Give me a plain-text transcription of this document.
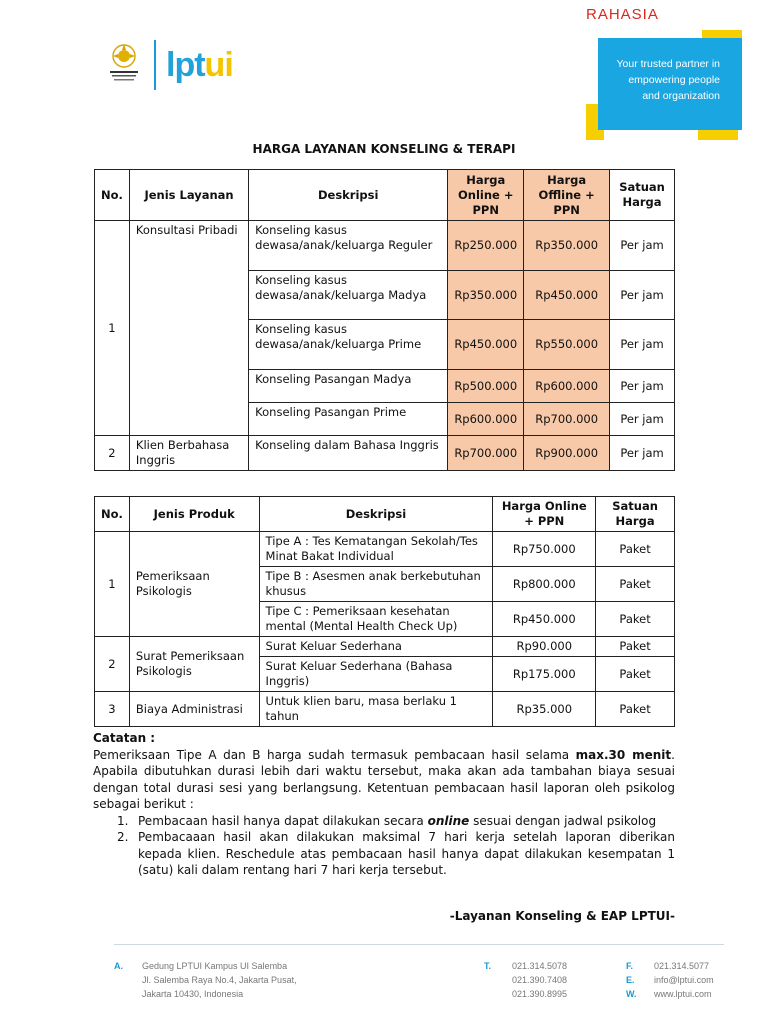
RAHASIA
lptui	Your trusted partner in empowering people and organization
HARGA LAYANAN KONSELING & TERAPI
No.	Jenis Layanan	Deskripsi	Harga Online + PPN	Harga Offline + PPN	Satuan Harga
1	Konsultasi Pribadi	Konseling kasus dewasa/anak/keluarga Reguler	Rp250.000	Rp350.000	Per jam
		Konseling kasus dewasa/anak/keluarga Madya	Rp350.000	Rp450.000	Per jam
		Konseling kasus dewasa/anak/keluarga Prime	Rp450.000	Rp550.000	Per jam
		Konseling Pasangan Madya	Rp500.000	Rp600.000	Per jam
		Konseling Pasangan Prime	Rp600.000	Rp700.000	Per jam
2	Klien Berbahasa Inggris	Konseling dalam Bahasa Inggris	Rp700.000	Rp900.000	Per jam
No.	Jenis Produk	Deskripsi	Harga Online + PPN	Satuan Harga
1	Pemeriksaan Psikologis	Tipe A : Tes Kematangan Sekolah/Tes Minat Bakat Individual	Rp750.000	Paket
		Tipe B : Asesmen anak berkebutuhan khusus	Rp800.000	Paket
		Tipe C : Pemeriksaan kesehatan mental (Mental Health Check Up)	Rp450.000	Paket
2	Surat Pemeriksaan Psikologis	Surat Keluar Sederhana	Rp90.000	Paket
		Surat Keluar Sederhana (Bahasa Inggris)	Rp175.000	Paket
3	Biaya Administrasi	Untuk klien baru, masa berlaku 1 tahun	Rp35.000	Paket
Catatan :

Pemeriksaan Tipe A dan B harga sudah termasuk pembacaan hasil selama max.30 menit. Apabila dibutuhkan durasi lebih dari waktu tersebut, maka akan ada tambahan biaya sesuai dengan total durasi sesi yang berlangsung. Ketentuan pembacaan hasil laporan oleh psikolog sebagai berikut :

1. Pembacaan hasil hanya dapat dilakukan secara online sesuai dengan jadwal psikolog
2. Pembacaaan hasil akan dilakukan maksimal 7 hari kerja setelah laporan diberikan kepada klien. Reschedule atas pembacaan hasil hanya dapat dilakukan kesempatan 1 (satu) kali dalam rentang hari 7 hari kerja tersebut.
-Layanan Konseling & EAP LPTUI-
A. Gedung LPTUI Kampus UI Salemba
Jl. Salemba Raya No.4, Jakarta Pusat,
Jakarta 10430, Indonesia
T. 021.314.5078
021.390.7408
021.390.8995
F. 021.314.5077
E. info@lptui.com
W. www.lptui.com
